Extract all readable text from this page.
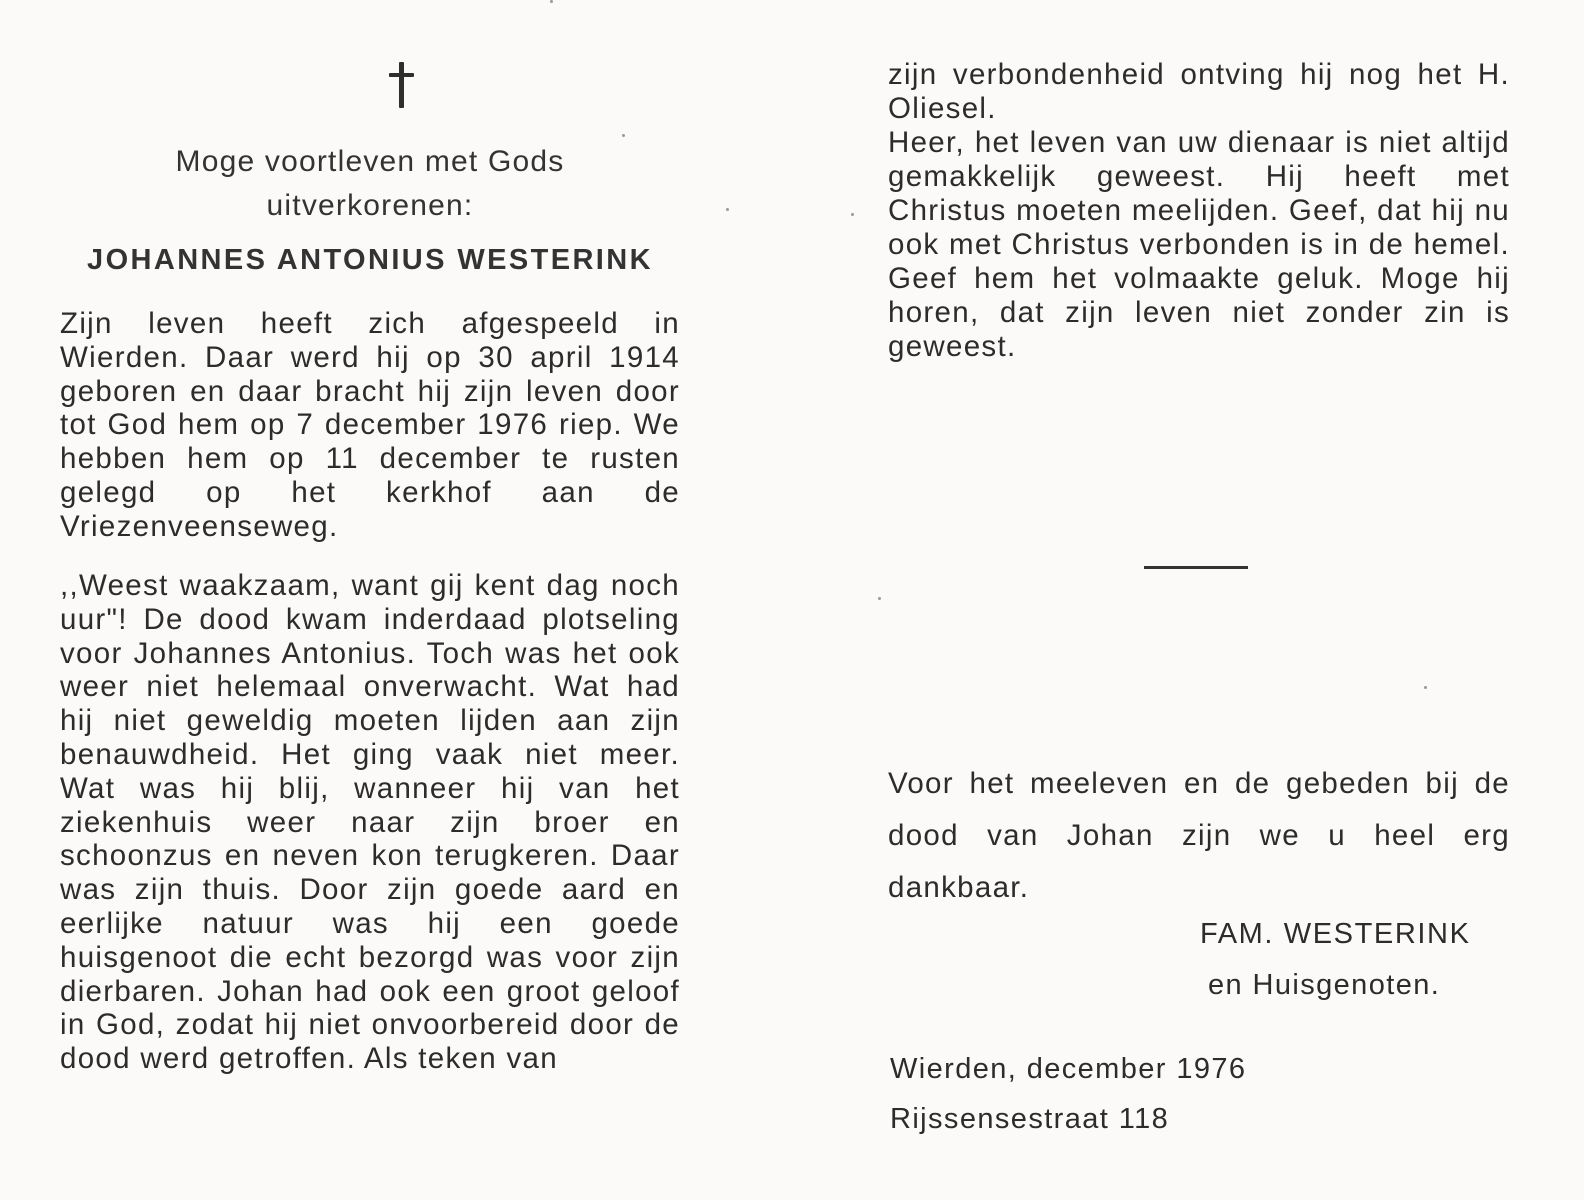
Moge voortleven met Gods uitverkorenen:
JOHANNES ANTONIUS WESTERINK

Zijn leven heeft zich afgespeeld in Wierden. Daar werd hij op 30 april 1914 geboren en daar bracht hij zijn leven door tot God hem op 7 december 1976 riep. We hebben hem op 11 december te rusten gelegd op het kerkhof aan de Vriezenveenseweg.

,,Weest waakzaam, want gij kent dag noch uur"! De dood kwam inderdaad plotseling voor Johannes Antonius. Toch was het ook weer niet helemaal onverwacht. Wat had hij niet geweldig moeten lijden aan zijn benauwdheid. Het ging vaak niet meer. Wat was hij blij, wanneer hij van het ziekenhuis weer naar zijn broer en schoonzus en neven kon terugkeren. Daar was zijn thuis. Door zijn goede aard en eerlijke natuur was hij een goede huisgenoot die echt bezorgd was voor zijn dierbaren. Johan had ook een groot geloof in God, zodat hij niet onvoorbereid door de dood werd getroffen. Als teken van

zijn verbondenheid ontving hij nog het H. Oliesel.

Heer, het leven van uw dienaar is niet altijd gemakkelijk geweest. Hij heeft met Christus moeten meelijden. Geef, dat hij nu ook met Christus verbonden is in de hemel. Geef hem het volmaakte geluk. Moge hij horen, dat zijn leven niet zonder zin is geweest.

Voor het meeleven en de gebeden bij de dood van Johan zijn we u heel erg dankbaar.
FAM. WESTERINK
en Huisgenoten.
Wierden, december 1976
Rijssensestraat 118
